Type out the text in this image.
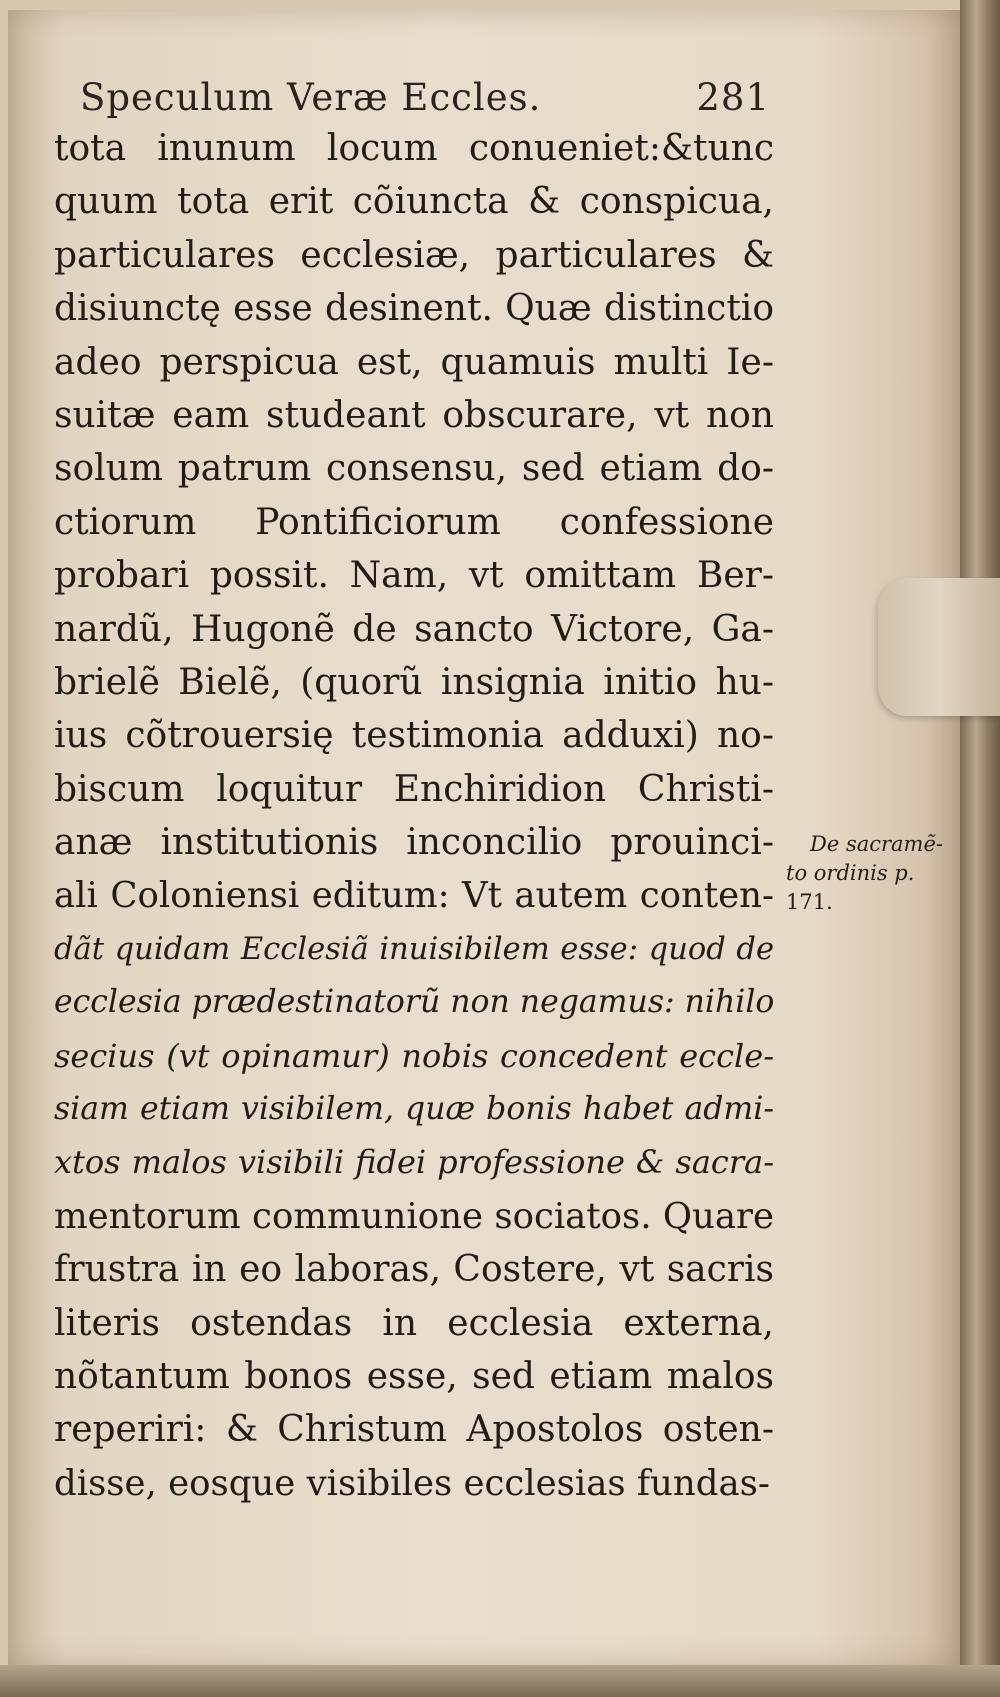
Speculum Veræ Eccles.	281
tota inunum locum conueniet:&tunc
quum tota erit cõiuncta & conspicua,
particulares ecclesiæ, particulares &
disiunctę esse desinent. Quæ distinctio
adeo perspicua est, quamuis multi Ie-
suitæ eam studeant obscurare, vt non
solum patrum consensu, sed etiam do-
ctiorum Pontificiorum confessione
probari possit. Nam, vt omittam Ber-
nardũ, Hugonẽ de sancto Victore, Ga-
brielẽ Bielẽ, (quorũ insignia initio hu-
ius cõtrouersię testimonia adduxi) no-
biscum loquitur Enchiridion Christi-
anæ institutionis inconcilio prouinci-
ali Coloniensi editum: Vt autem conten-
dãt quidam Ecclesiã inuisibilem esse: quod de
ecclesia prædestinatorũ non negamus: nihilo
secius (vt opinamur) nobis concedent eccle-
siam etiam visibilem, quæ bonis habet admi-
xtos malos visibili fidei professione & sacra-
mentorum communione sociatos. Quare
frustra in eo laboras, Costere, vt sacris
literis ostendas in ecclesia externa,
nõtantum bonos esse, sed etiam malos
reperiri: & Christum Apostolos osten-
disse, eosque visibiles ecclesias fundas-
De sacramẽ-
to ordinis p.
171.
